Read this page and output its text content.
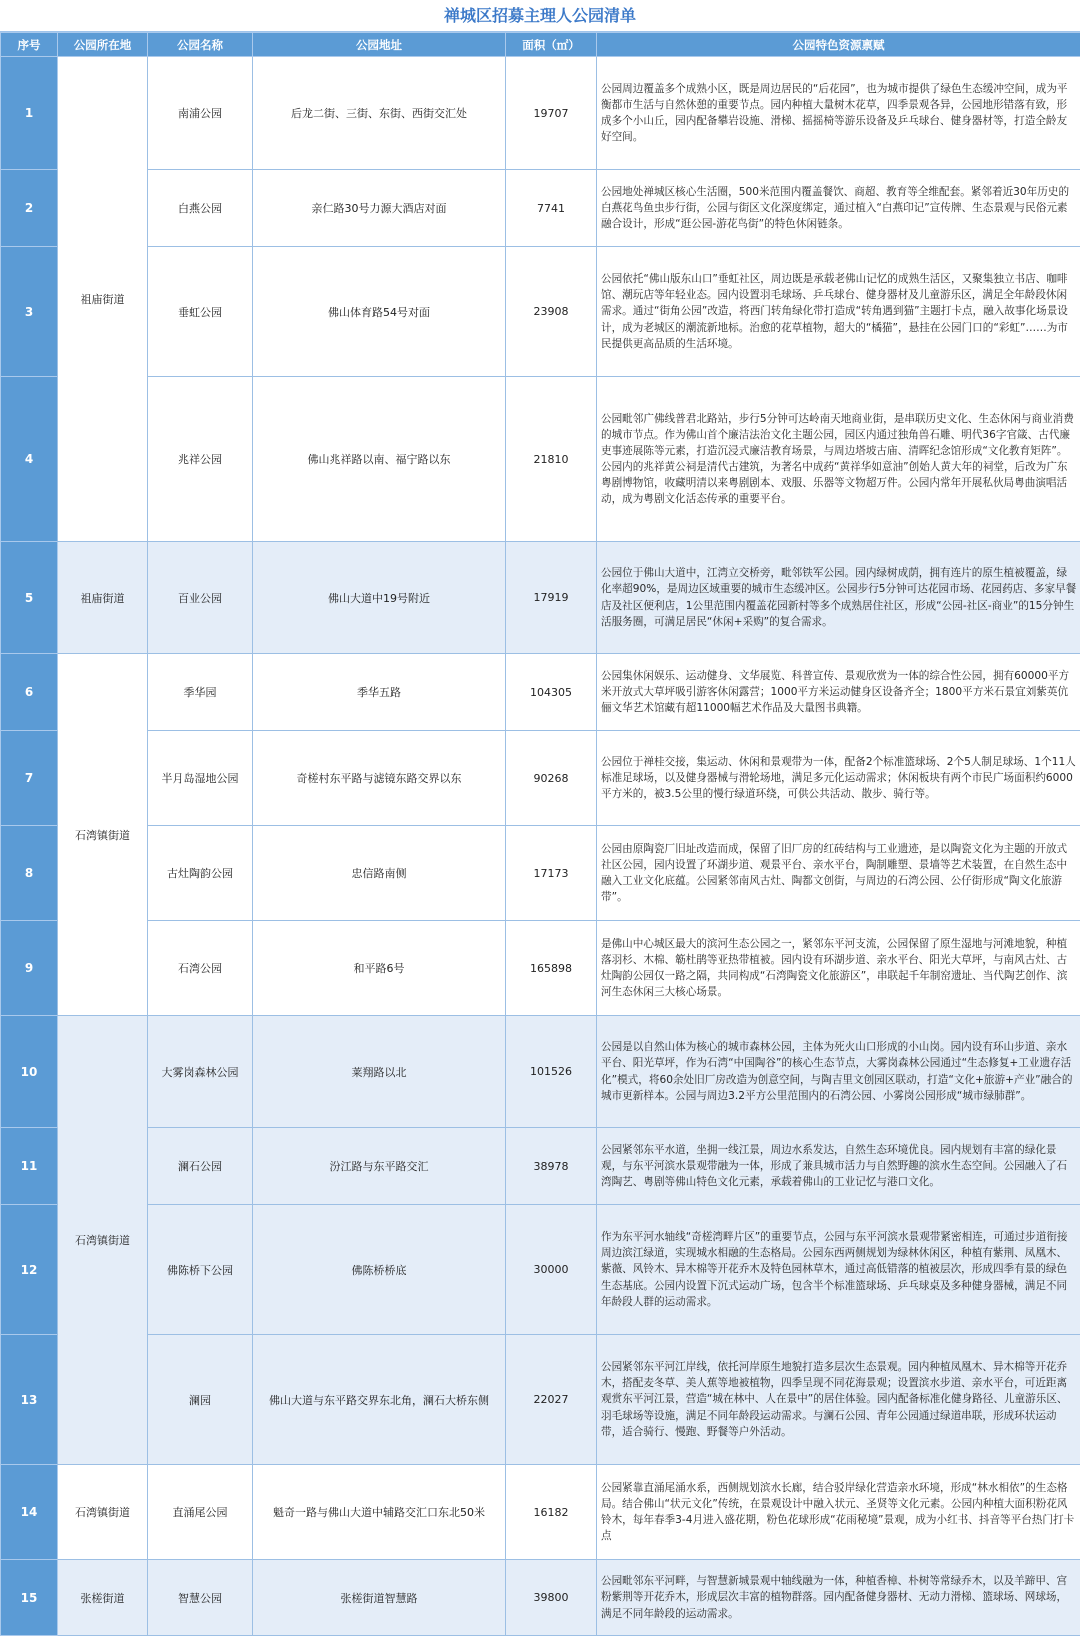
禅城区招募主理人公园清单
序号	公园所在地	公园名称	公园地址	面积（㎡）	公园特色资源禀赋
1	祖庙街道	南浦公园	后龙二街、三街、东街、西街交汇处	19707	公园周边覆盖多个成熟小区，既是周边居民的“后花园”，也为城市提供了绿色生态缓冲空间，成为平衡都市生活与自然休憩的重要节点。园内种植大量树木花草，四季景观各异，公园地形错落有致，形成多个小山丘，园内配备攀岩设施、滑梯、摇摇椅等游乐设备及乒乓球台、健身器材等，打造全龄友好空间。
2		白燕公园	亲仁路30号力源大酒店对面	7741	公园地处禅城区核心生活圈，500米范围内覆盖餐饮、商超、教育等全维配套。紧邻着近30年历史的白燕花鸟鱼虫步行街，公园与街区文化深度绑定，通过植入“白燕印记”宣传牌、生态景观与民俗元素融合设计，形成“逛公园-游花鸟街”的特色休闲链条。
3		垂虹公园	佛山体育路54号对面	23908	公园依托“佛山版东山口”垂虹社区，周边既是承载老佛山记忆的成熟生活区，又聚集独立书店、咖啡馆、潮玩店等年轻业态。园内设置羽毛球场、乒乓球台、健身器材及儿童游乐区，满足全年龄段休闲需求。通过“街角公园”改造，将西门转角绿化带打造成“转角遇到猫”主题打卡点，融入故事化场景设计，成为老城区的潮流新地标。治愈的花草植物，超大的“橘猫”，悬挂在公园门口的“彩虹”……为市民提供更高品质的生活环境。
4		兆祥公园	佛山兆祥路以南、福宁路以东	21810	公园毗邻广佛线普君北路站，步行5分钟可达岭南天地商业街，是串联历史文化、生态休闲与商业消费的城市节点。作为佛山首个廉洁法治文化主题公园，园区内通过独角兽石雕、明代36字官箴、古代廉吏事迹展陈等元素，打造沉浸式廉洁教育场景，与周边塔坡古庙、清晖纪念馆形成“文化教育矩阵”。公园内的兆祥黄公祠是清代古建筑，为著名中成药“黄祥华如意油”创始人黄大年的祠堂，后改为广东粤剧博物馆，收藏明清以来粤剧剧本、戏服、乐器等文物超万件。公园内常年开展私伙局粤曲演唱活动，成为粤剧文化活态传承的重要平台。
5	祖庙街道	百业公园	佛山大道中19号附近	17919	公园位于佛山大道中，江湾立交桥旁，毗邻铁军公园。园内绿树成荫，拥有连片的原生植被覆盖，绿化率超90%，是周边区域重要的城市生态缓冲区。公园步行5分钟可达花园市场、花园药店、多家早餐店及社区便利店，1公里范围内覆盖花园新村等多个成熟居住社区，形成“公园-社区-商业”的15分钟生活服务圈，可满足居民“休闲+采购”的复合需求。
6	石湾镇街道	季华园	季华五路	104305	公园集休闲娱乐、运动健身、文华展览、科普宣传、景观欣赏为一体的综合性公园，拥有60000平方米开放式大草坪吸引游客休闲露营；1000平方米运动健身区设备齐全；1800平方米石景宜刘紫英伉俪文华艺术馆藏有超11000幅艺术作品及大量图书典籍。
7		半月岛湿地公园	奇槎村东平路与滤镜东路交界以东	90268	公园位于禅桂交接，集运动、休闲和景观带为一体，配备2个标准篮球场、2个5人制足球场、1个11人标准足球场，以及健身器械与滑轮场地，满足多元化运动需求；休闲板块有两个市民广场面积约6000平方米的，被3.5公里的慢行绿道环绕，可供公共活动、散步、骑行等。
8		古灶陶韵公园	忠信路南侧	17173	公园由原陶瓷厂旧址改造而成，保留了旧厂房的红砖结构与工业遗迹，是以陶瓷文化为主题的开放式社区公园，园内设置了环湖步道、观景平台、亲水平台，陶制雕塑、景墙等艺术装置，在自然生态中融入工业文化底蕴。公园紧邻南风古灶、陶都文创街，与周边的石湾公园、公仔街形成“陶文化旅游带”。
9		石湾公园	和平路6号	165898	是佛山中心城区最大的滨河生态公园之一，紧邻东平河支流，公园保留了原生湿地与河滩地貌，种植落羽杉、木棉、簕杜鹃等亚热带植被。园内设有环湖步道、亲水平台、阳光大草坪，与南风古灶、古灶陶韵公园仅一路之隔，共同构成“石湾陶瓷文化旅游区”，串联起千年制窑遗址、当代陶艺创作、滨河生态休闲三大核心场景。
10	石湾镇街道	大雾岗森林公园	莱翔路以北	101526	公园是以自然山体为核心的城市森林公园，主体为死火山口形成的小山岗。园内设有环山步道、亲水平台、阳光草坪，作为石湾“中国陶谷”的核心生态节点，大雾岗森林公园通过“生态修复+工业遗存活化”模式，将60余处旧厂房改造为创意空间，与陶吉里文创园区联动，打造“文化+旅游+产业”融合的城市更新样本。公园与周边3.2平方公里范围内的石湾公园、小雾岗公园形成“城市绿肺群”。
11		澜石公园	汾江路与东平路交汇	38978	公园紧邻东平水道，坐拥一线江景，周边水系发达，自然生态环境优良。园内规划有丰富的绿化景观，与东平河滨水景观带融为一体，形成了兼具城市活力与自然野趣的滨水生态空间。公园融入了石湾陶艺、粤剧等佛山特色文化元素，承载着佛山的工业记忆与港口文化。
12		佛陈桥下公园	佛陈桥桥底	30000	作为东平河水轴线“奇槎湾畔片区”的重要节点，公园与东平河滨水景观带紧密相连，可通过步道衔接周边滨江绿道，实现城水相融的生态格局。公园东西两侧规划为绿林休闲区，种植有紫荆、凤凰木、紫薇、风铃木、异木棉等开花乔木及特色园林草木，通过高低错落的植被层次，形成四季有景的绿色生态基底。公园内设置下沉式运动广场，包含半个标准篮球场、乒乓球桌及多种健身器械，满足不同年龄段人群的运动需求。
13		澜园	佛山大道与东平路交界东北角，澜石大桥东侧	22027	公园紧邻东平河江岸线，依托河岸原生地貌打造多层次生态景观。园内种植凤凰木、异木棉等开花乔木，搭配麦冬草、美人蕉等地被植物，四季呈现不同花海景观；设置滨水步道、亲水平台，可近距离观赏东平河江景，营造“城在林中、人在景中”的居住体验。园内配备标准化健身路径、儿童游乐区、羽毛球场等设施，满足不同年龄段运动需求。与澜石公园、青年公园通过绿道串联，形成环状运动带，适合骑行、慢跑、野餐等户外活动。
14	石湾镇街道	直涌尾公园	魁奇一路与佛山大道中辅路交汇口东北50米	16182	公园紧靠直涌尾涌水系，西侧规划滨水长廊，结合驳岸绿化营造亲水环境，形成“林水相依”的生态格局。结合佛山“状元文化”传统，在景观设计中融入状元、圣贤等文化元素。公园内种植大面积粉花风铃木，每年春季3-4月进入盛花期，粉色花球形成“花雨秘境”景观，成为小红书、抖音等平台热门打卡点
15	张槎街道	智慧公园	张槎街道智慧路	39800	公园毗邻东平河畔，与智慧新城景观中轴线融为一体，种植香樟、朴树等常绿乔木，以及羊蹄甲、宫粉紫荆等开花乔木，形成层次丰富的植物群落。园内配备健身器材、无动力滑梯、篮球场、网球场，满足不同年龄段的运动需求。
